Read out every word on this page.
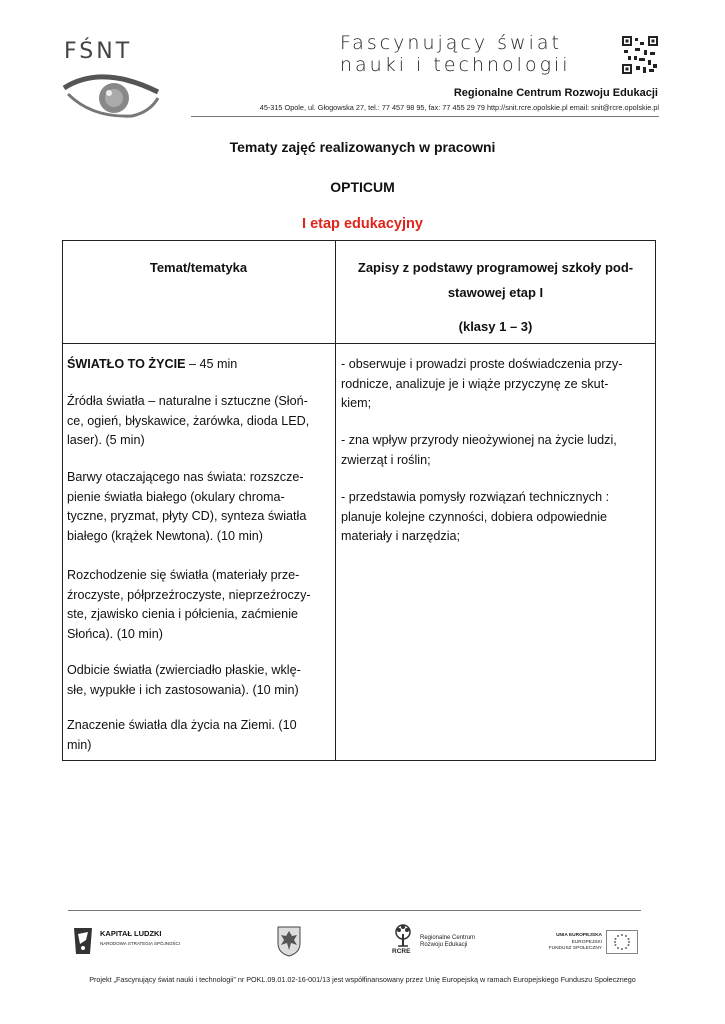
FŚNT	Fascynujący świat
nauki i technologii
Regionalne Centrum Rozwoju Edukacji
45-315 Opole, ul. Głogowska 27, tel.: 77 457 98 95, fax: 77 455 29 79 http://snit.rcre.opolskie.pl email: snit@rcre.opolskie.pl
Tematy zajęć realizowanych w pracowni
OPTICUM
I etap edukacyjny
Temat/tematyka	Zapisy z podstawy programowej szkoły pod-
stawowej etap I
(klasy 1 – 3)
ŚWIATŁO TO ŻYCIE – 45 min
Źródła światła – naturalne i sztuczne (Słoń-
ce, ogień, błyskawice, żarówka, dioda LED,
laser). (5 min)
Barwy otaczającego nas świata: rozszcze-
pienie światła białego (okulary chroma-
tyczne, pryzmat, płyty CD), synteza światła
białego (krążek Newtona). (10 min)
Rozchodzenie się światła (materiały prze-
źroczyste, półprzeźroczyste, nieprzeźroczy-
ste, zjawisko cienia i półcienia, zaćmienie
Słońca). (10 min)
Odbicie światła (zwierciadło płaskie, wklę-
słe, wypukłe i ich zastosowania). (10 min)
Znaczenie światła dla życia na Ziemi. (10
min)
- obserwuje i prowadzi proste doświadczenia przy-
rodnicze, analizuje je i wiąże przyczynę ze skut-
kiem;
- zna wpływ przyrody nieożywionej na życie ludzi,
zwierząt i roślin;
- przedstawia pomysły rozwiązań technicznych :
planuje kolejne czynności, dobiera odpowiednie
materiały i narzędzia;
KAPITAŁ LUDZKI
NARODOWA STRATEGIA SPÓJNOŚCI
RCRE
Regionalne Centrum
Rozwoju Edukacji
UNIA EUROPEJSKA
EUROPEJSKI
FUNDUSZ SPOŁECZNY
Projekt „Fascynujący świat nauki i technologii” nr POKL.09.01.02-16-001/13 jest współfinansowany przez Unię Europejską w ramach Europejskiego Funduszu Społecznego
